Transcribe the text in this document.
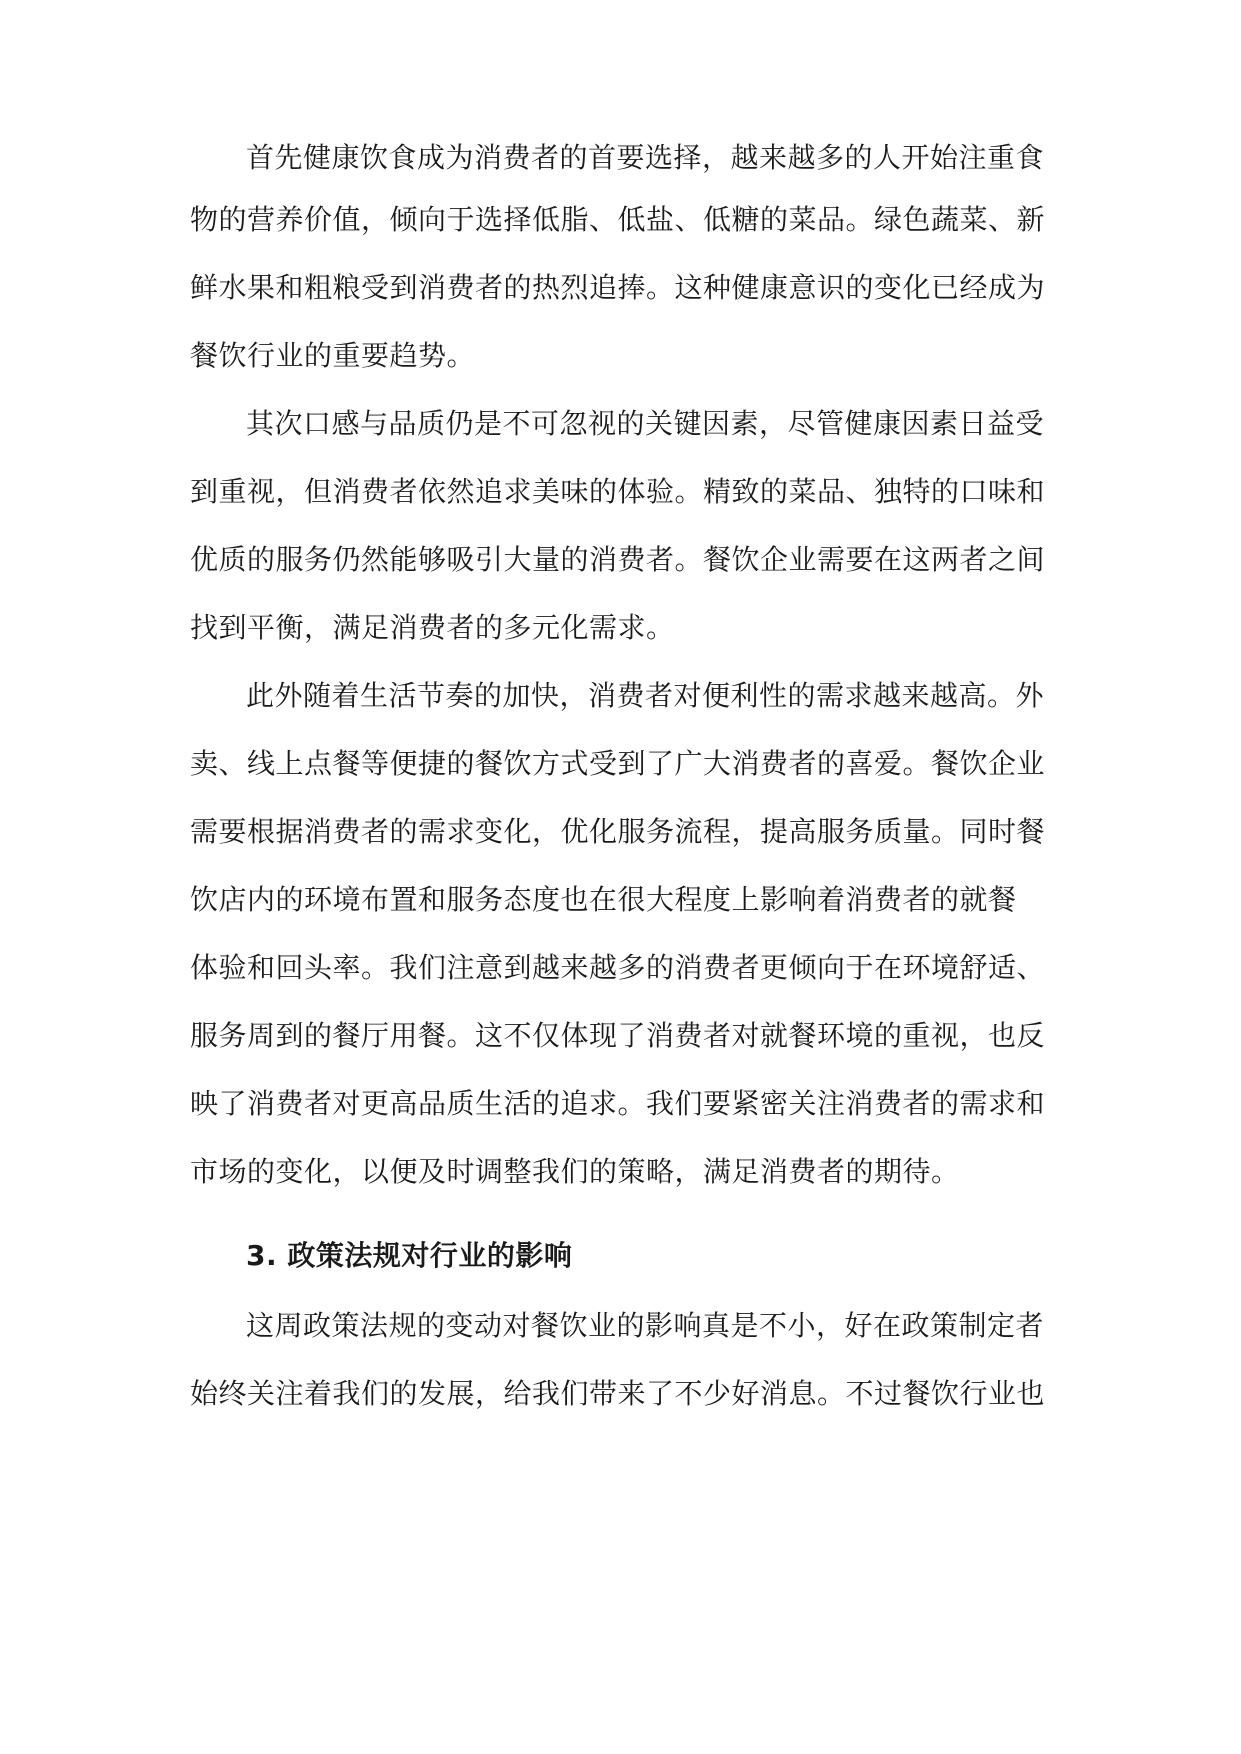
首先健康饮食成为消费者的首要选择，越来越多的人开始注重食

物的营养价值，倾向于选择低脂、低盐、低糖的菜品。绿色蔬菜、新

鲜水果和粗粮受到消费者的热烈追捧。这种健康意识的变化已经成为

餐饮行业的重要趋势。

其次口感与品质仍是不可忽视的关键因素，尽管健康因素日益受

到重视，但消费者依然追求美味的体验。精致的菜品、独特的口味和

优质的服务仍然能够吸引大量的消费者。餐饮企业需要在这两者之间

找到平衡，满足消费者的多元化需求。

此外随着生活节奏的加快，消费者对便利性的需求越来越高。外

卖、线上点餐等便捷的餐饮方式受到了广大消费者的喜爱。餐饮企业

需要根据消费者的需求变化，优化服务流程，提高服务质量。同时餐

饮店内的环境布置和服务态度也在很大程度上影响着消费者的就餐

体验和回头率。我们注意到越来越多的消费者更倾向于在环境舒适、

服务周到的餐厅用餐。这不仅体现了消费者对就餐环境的重视，也反

映了消费者对更高品质生活的追求。我们要紧密关注消费者的需求和

市场的变化，以便及时调整我们的策略，满足消费者的期待。

3. 政策法规对行业的影响

这周政策法规的变动对餐饮业的影响真是不小，好在政策制定者

始终关注着我们的发展，给我们带来了不少好消息。不过餐饮行业也
